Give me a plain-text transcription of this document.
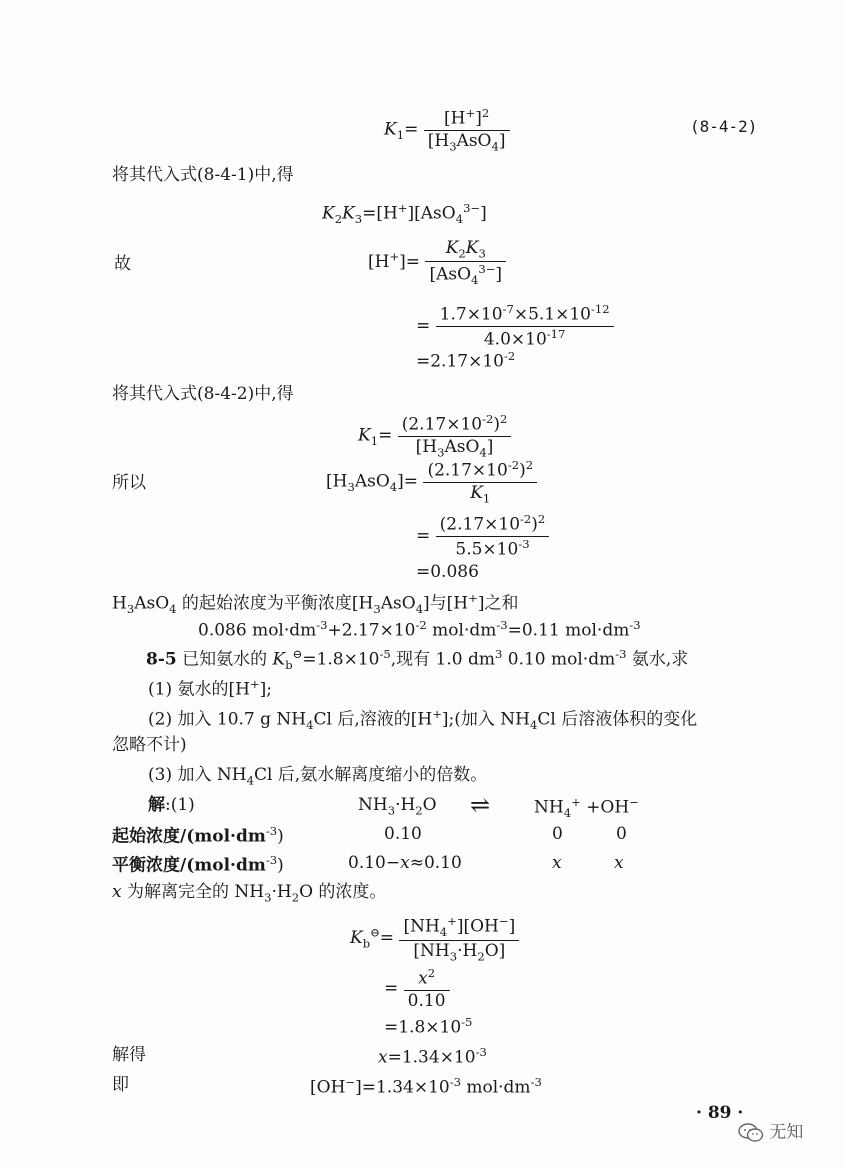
$K_1= \frac{[H^+]^2}{[H_3AsO_4]}$	(8-4-2)
将其代入式(8-4-1)中,得
$K_2K_3=[H^+][AsO_4^{3-}]$
故	$[H^+]= \frac{K_2K_3}{[AsO_4^{3-}]}$
= $\frac{1.7\times 10^{-7}\times 5.1\times 10^{-12}}{4.0\times 10^{-17}}$
$=2.17\times 10^{-2}$
将其代入式(8-4-2)中,得
$K_1= \frac{(2.17\times 10^{-2})^2}{[H_3AsO_4]}$
所以	$[H_3AsO_4]= \frac{(2.17\times 10^{-2})^2}{K_1}$
= $\frac{(2.17\times 10^{-2})^2}{5.5\times 10^{-3}}$
=0.086
$H_3AsO_4$ 的起始浓度为平衡浓度$[H_3AsO_4]$与[H+]之和
0.086 $mol\cdot dm^{-3}+2.17\times 10^{-2}$ $mol\cdot dm^{-3}=0.11$ $mol\cdot dm^{-3}$
8-5 已知氨水的 $K_b^⊖=1.8\times 10^{-5}$,现有 1.0 $dm^3$ 0.10 $mol\cdot dm^{-3}$ 氨水,求
(1) 氨水的[H+];
(2) 加入 10.7 g $NH_4Cl$ 后,溶液的[H+];(加入 $NH_4Cl$ 后溶液体积的变化
忽略不计)
(3) 加入 $NH_4Cl$ 后,氨水解离度缩小的倍数。
解:(1)	$NH_3\cdot H_2O$ ⇌	$NH_4^+ +OH^-$
起始浓度$/(mol\cdot dm^{-3})$	0.10	0	0
平衡浓度$/(mol\cdot dm^{-3})$	0.10−x≈0.10	x	x
x 为解离完全的 $NH_3\cdot H_2O$ 的浓度。
$K_b^⊖= \frac{[NH_4^+][OH^-]}{[NH_3\cdot H_2O]}$
= $\frac{x^2}{0.10}$
$=1.8\times 10^{-5}$
解得	$x=1.34\times 10^{-3}$
即	$[OH^-]=1.34\times 10^{-3}$ $mol\cdot dm^{-3}$
· 89 ·
无知
